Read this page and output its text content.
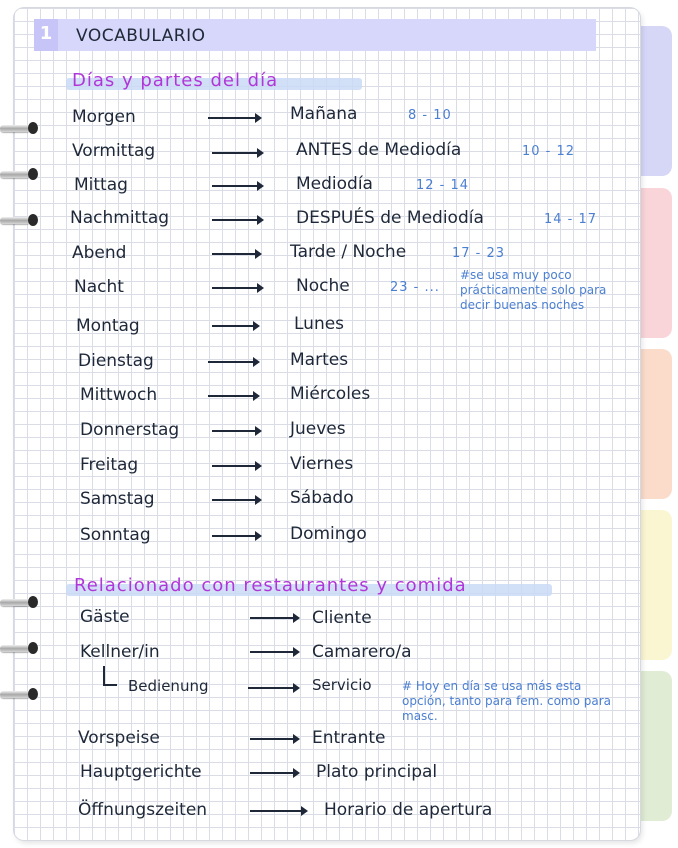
1	VOCABULARIO
Días y partes del día
Morgen	Mañana	8 - 10
Vormittag	ANTES de Mediodía	10 - 12
Mittag	Mediodía	12 - 14
Nachmittag	DESPUÉS de Mediodía	14 - 17
Abend	Tarde / Noche	17 - 23
Nacht	Noche	23 - ...
#se usa muy poco prácticamente solo para decir buenas noches
Montag	Lunes
Dienstag	Martes
Mittwoch	Miércoles
Donnerstag	Jueves
Freitag	Viernes
Samstag	Sábado
Sonntag	Domingo
Relacionado con restaurantes y comida
Gäste	Cliente
Kellner/in	Camarero/a
Bedienung	Servicio	# Hoy en día se usa más esta opción, tanto para fem. como para masc.
Vorspeise	Entrante
Hauptgerichte	Plato principal
Öffnungszeiten	Horario de apertura
